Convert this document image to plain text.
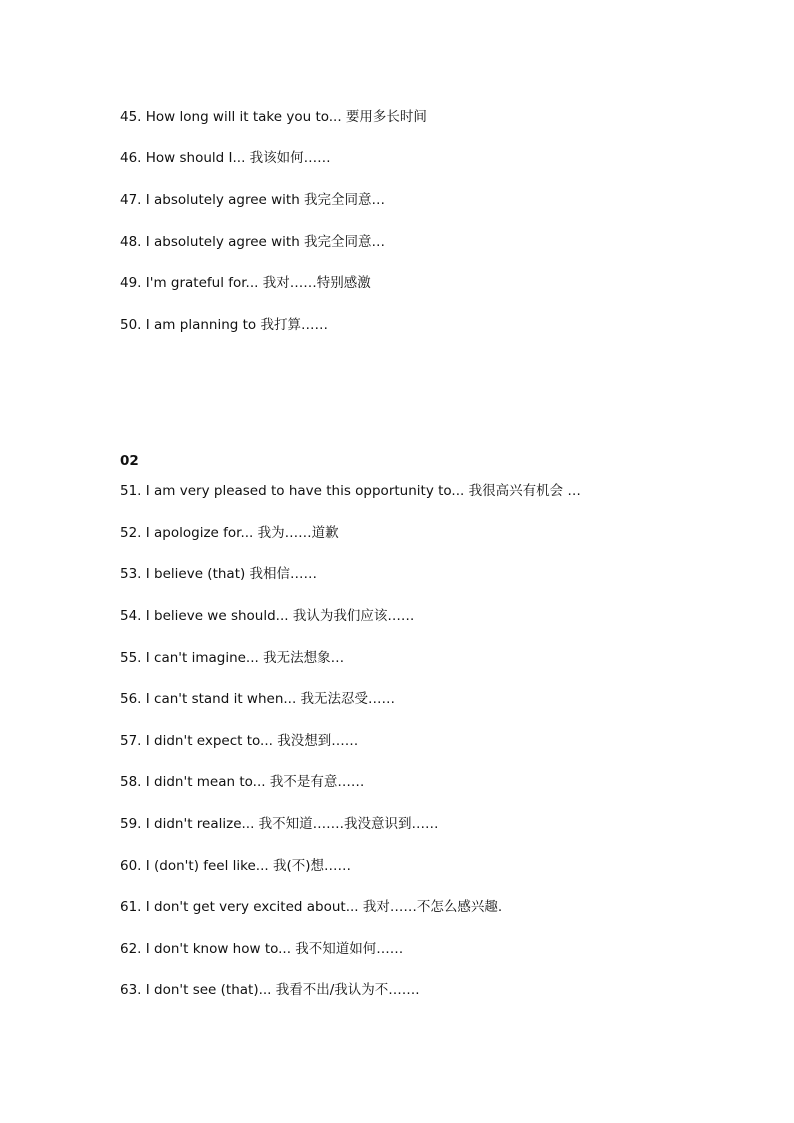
45. How long will it take you to... 要用多长时间
46. How should I... 我该如何……
47. I absolutely agree with 我完全同意…
48. I absolutely agree with 我完全同意…
49. I'm grateful for... 我对……特别感激
50. I am planning to 我打算……
02
51. I am very pleased to have this opportunity to... 我很高兴有机会 …
52. I apologize for... 我为……道歉
53. I believe (that) 我相信……
54. I believe we should... 我认为我们应该……
55. I can't imagine... 我无法想象…
56. I can't stand it when... 我无法忍受……
57. I didn't expect to... 我没想到……
58. I didn't mean to... 我不是有意……
59. I didn't realize... 我不知道…….我没意识到……
60. I (don't) feel like... 我(不)想……
61. I don't get very excited about... 我对……不怎么感兴趣.
62. I don't know how to... 我不知道如何……
63. I don't see (that)... 我看不出/我认为不…….
